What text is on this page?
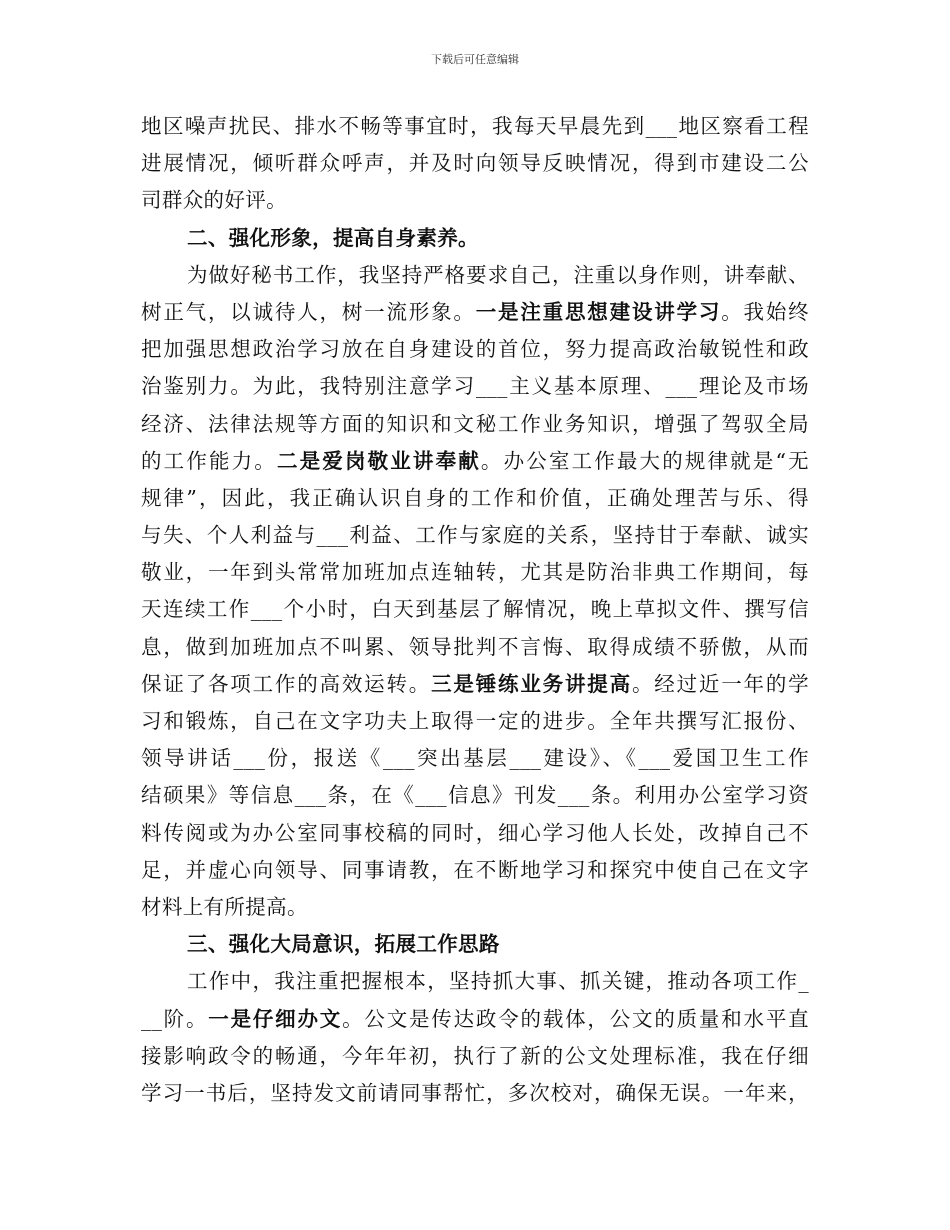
下载后可任意编辑
地区噪声扰民、排水不畅等事宜时，我每天早晨先到___地区察看工程
进展情况，倾听群众呼声，并及时向领导反映情况，得到市建设二公
司群众的好评。
二、强化形象，提高自身素养。
为做好秘书工作，我坚持严格要求自己，注重以身作则，讲奉献、
树正气，以诚待人，树一流形象。一是注重思想建设讲学习。我始终
把加强思想政治学习放在自身建设的首位，努力提高政治敏锐性和政
治鉴别力。为此，我特别注意学习___主义基本原理、___理论及市场
经济、法律法规等方面的知识和文秘工作业务知识，增强了驾驭全局
的工作能力。二是爱岗敬业讲奉献。办公室工作最大的规律就是“无
规律”，因此，我正确认识自身的工作和价值，正确处理苦与乐、得
与失、个人利益与___利益、工作与家庭的关系，坚持甘于奉献、诚实
敬业，一年到头常常加班加点连轴转，尤其是防治非典工作期间，每
天连续工作___个小时，白天到基层了解情况，晚上草拟文件、撰写信
息，做到加班加点不叫累、领导批判不言悔、取得成绩不骄傲，从而
保证了各项工作的高效运转。三是锤练业务讲提高。经过近一年的学
习和锻炼，自己在文字功夫上取得一定的进步。全年共撰写汇报份、
领导讲话___份，报送《___突出基层___建设》、《___爱国卫生工作
结硕果》等信息___条，在《___信息》刊发___条。利用办公室学习资
料传阅或为办公室同事校稿的同时，细心学习他人长处，改掉自己不
足，并虚心向领导、同事请教，在不断地学习和探究中使自己在文字
材料上有所提高。
三、强化大局意识，拓展工作思路
工作中，我注重把握根本，坚持抓大事、抓关键，推动各项工作_
__阶。一是仔细办文。公文是传达政令的载体，公文的质量和水平直
接影响政令的畅通，今年年初，执行了新的公文处理标准，我在仔细
学习一书后，坚持发文前请同事帮忙，多次校对，确保无误。一年来，
